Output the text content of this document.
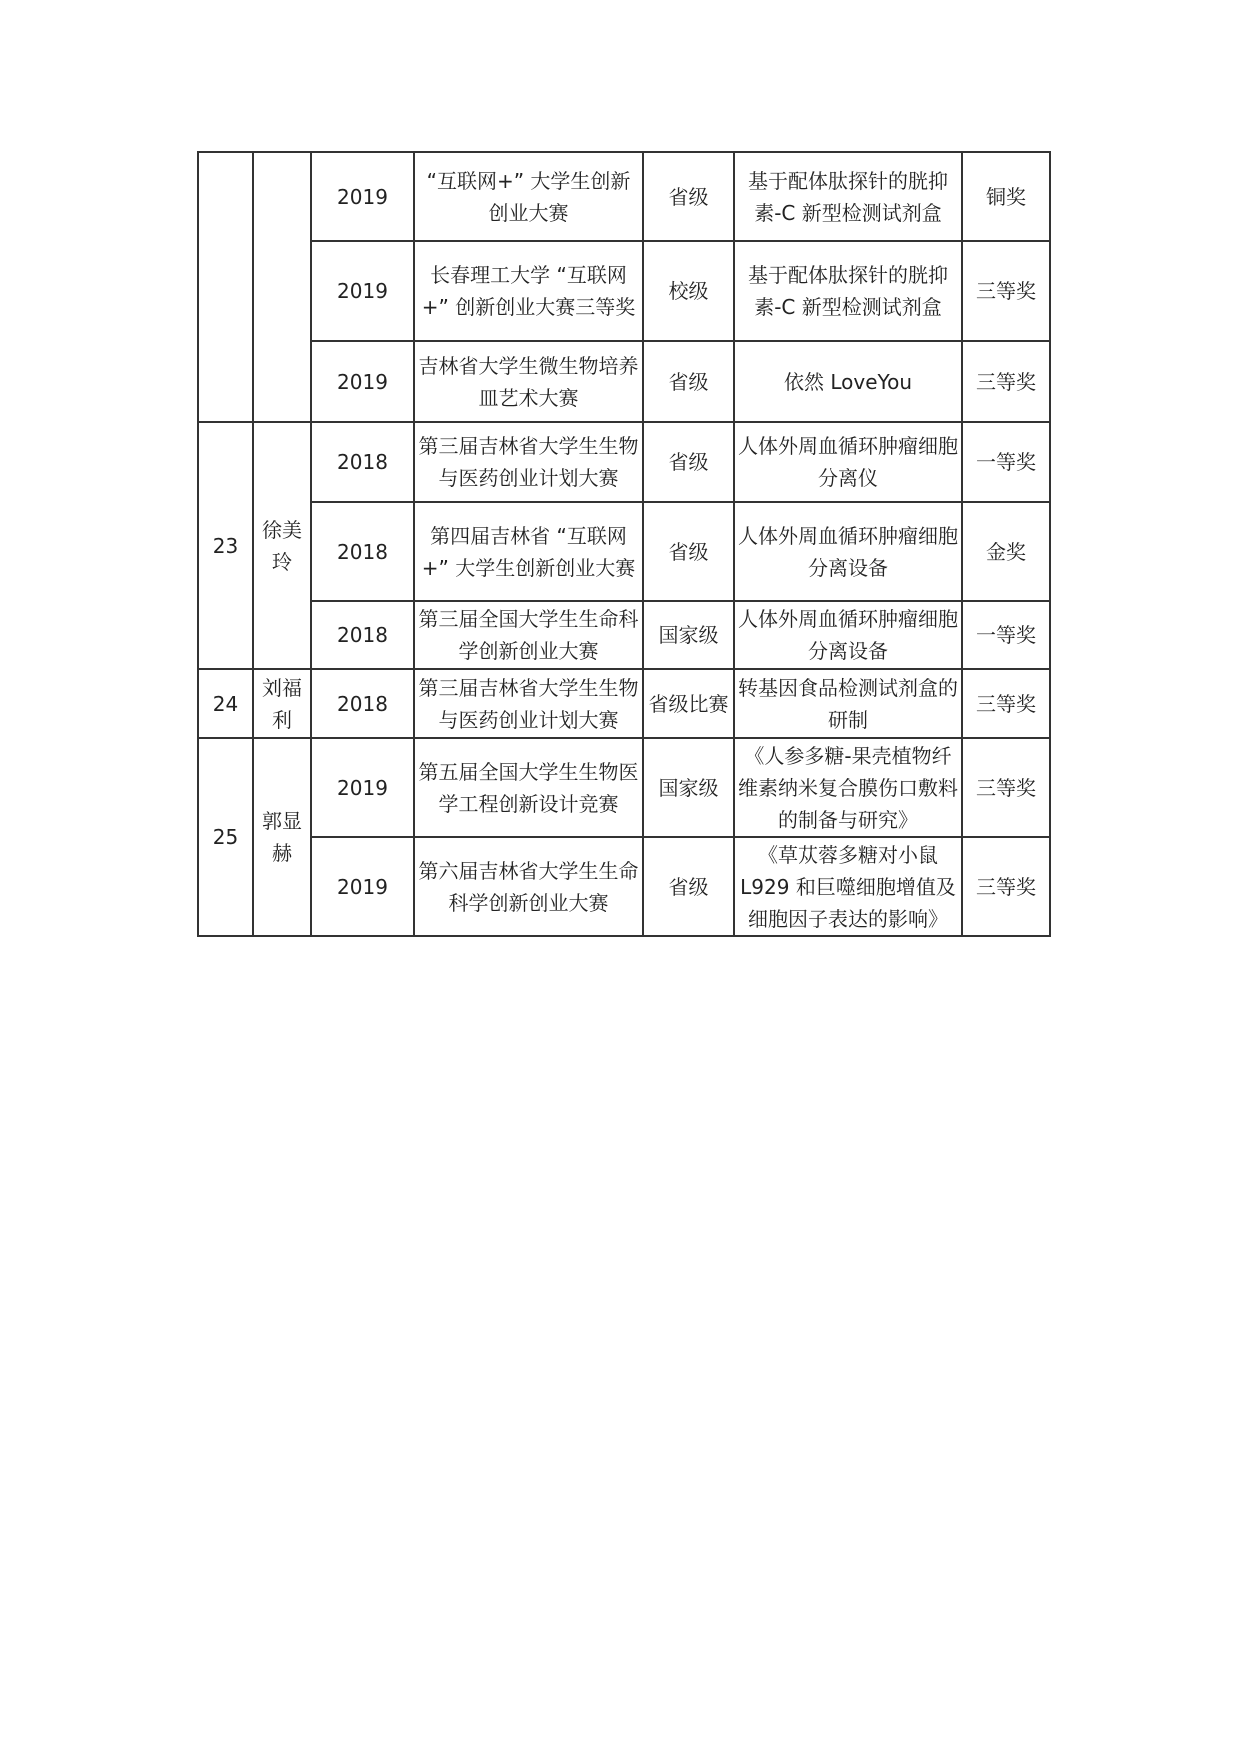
		2019	“互联网+” 大学生创新创业大赛	省级	基于配体肽探针的胱抑素-C 新型检测试剂盒	铜奖
		2019	长春理工大学 “互联网+” 创新创业大赛三等奖	校级	基于配体肽探针的胱抑素-C 新型检测试剂盒	三等奖
		2019	吉林省大学生微生物培养皿艺术大赛	省级	依然 LoveYou	三等奖
23	徐美玲	2018	第三届吉林省大学生生物与医药创业计划大赛	省级	人体外周血循环肿瘤细胞分离仪	一等奖
		2018	第四届吉林省 “互联网+” 大学生创新创业大赛	省级	人体外周血循环肿瘤细胞分离设备	金奖
		2018	第三届全国大学生生命科学创新创业大赛	国家级	人体外周血循环肿瘤细胞分离设备	一等奖
24	刘福利	2018	第三届吉林省大学生生物与医药创业计划大赛	省级比赛	转基因食品检测试剂盒的研制	三等奖
25	郭显赫	2019	第五届全国大学生生物医学工程创新设计竞赛	国家级	《人参多糖-果壳植物纤维素纳米复合膜伤口敷料的制备与研究》	三等奖
		2019	第六届吉林省大学生生命科学创新创业大赛	省级	《草苁蓉多糖对小鼠 L929 和巨噬细胞增值及细胞因子表达的影响》	三等奖
